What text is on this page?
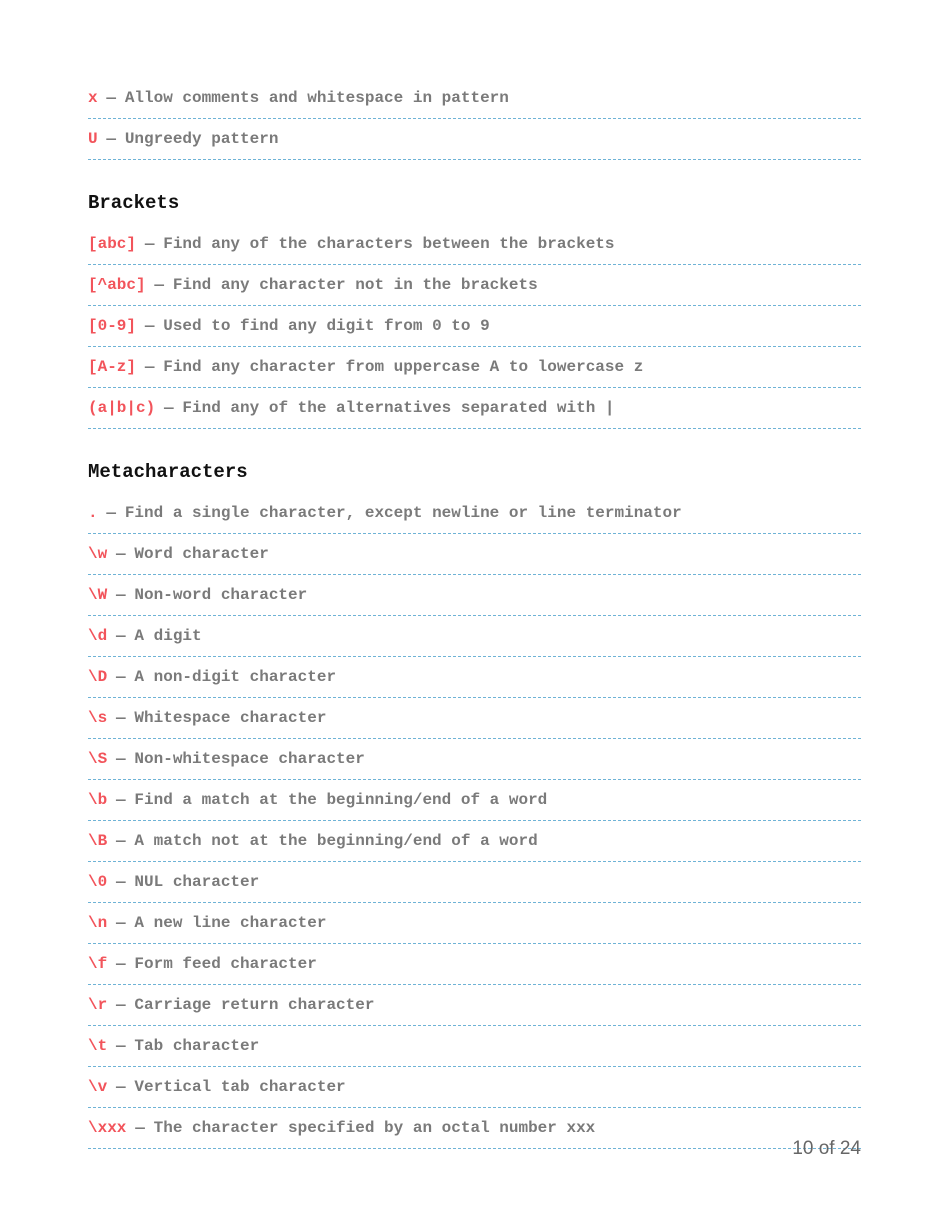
x — Allow comments and whitespace in pattern
U — Ungreedy pattern
Brackets
[abc] — Find any of the characters between the brackets
[^abc] — Find any character not in the brackets
[0-9] — Used to find any digit from 0 to 9
[A-z] — Find any character from uppercase A to lowercase z
(a|b|c) — Find any of the alternatives separated with |
Metacharacters
. — Find a single character, except newline or line terminator
\w — Word character
\W — Non-word character
\d — A digit
\D — A non-digit character
\s — Whitespace character
\S — Non-whitespace character
\b — Find a match at the beginning/end of a word
\B — A match not at the beginning/end of a word
\0 — NUL character
\n — A new line character
\f — Form feed character
\r — Carriage return character
\t — Tab character
\v — Vertical tab character
\xxx — The character specified by an octal number xxx
10 of 24
